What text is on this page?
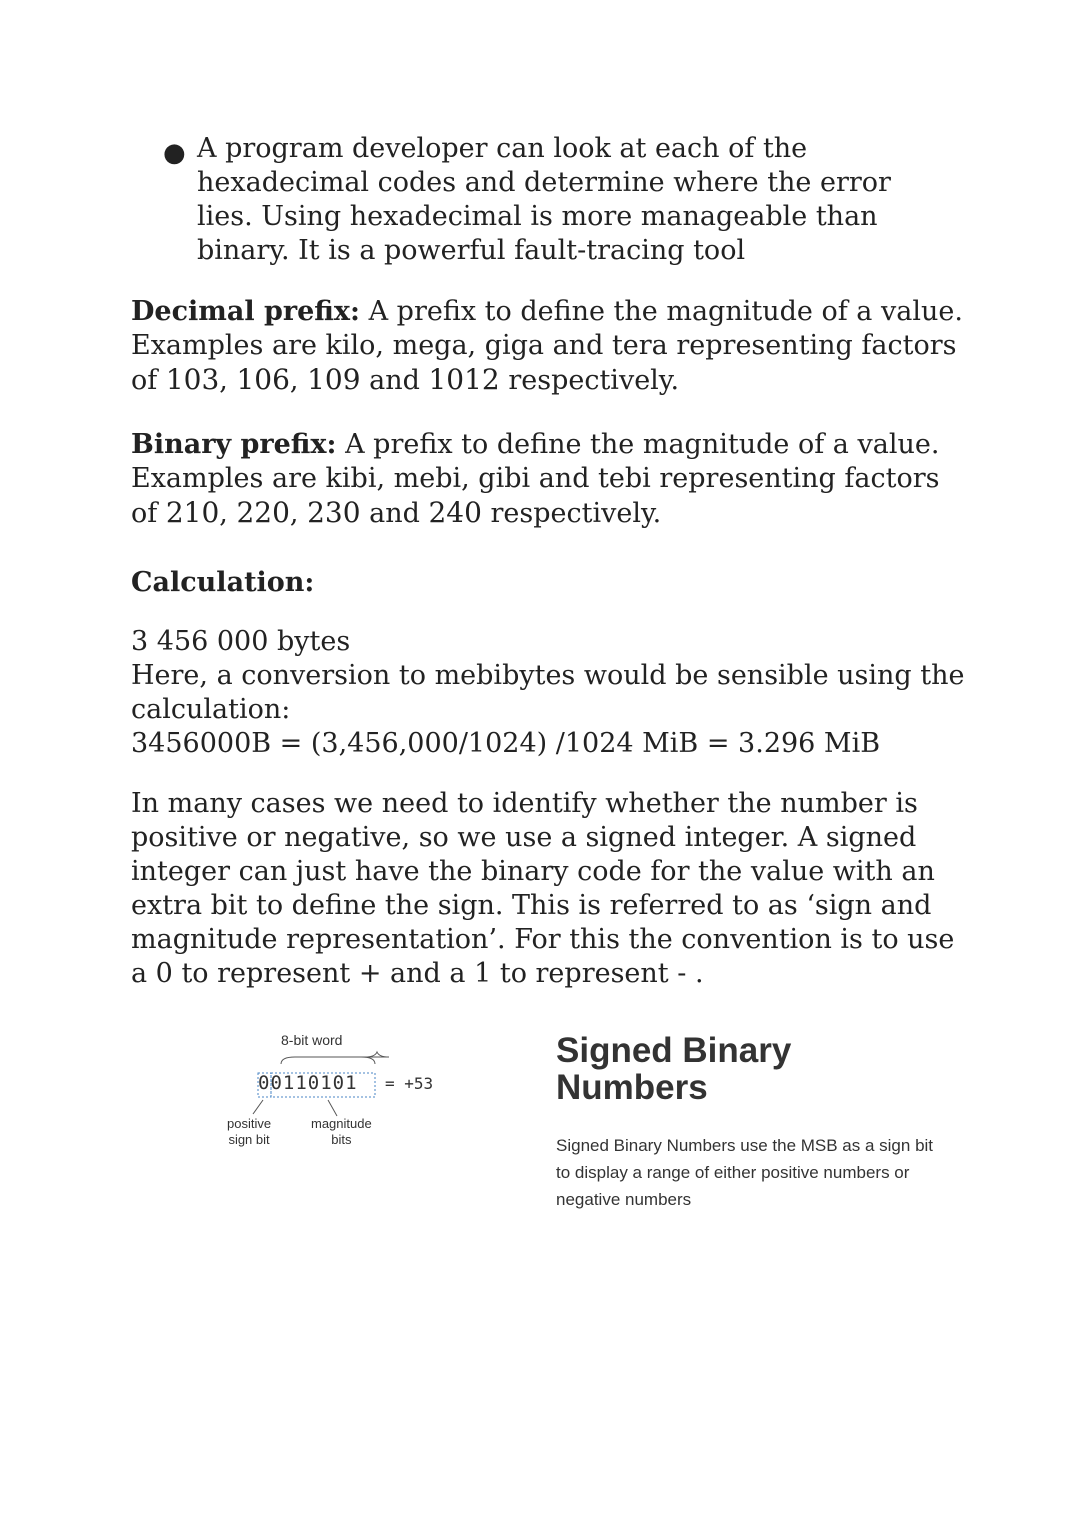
● A program developer can look at each of the hexadecimal codes and determine where the error lies. Using hexadecimal is more manageable than binary. It is a powerful fault-tracing tool

Decimal prefix: A prefix to define the magnitude of a value. Examples are kilo, mega, giga and tera representing factors of 103, 106, 109 and 1012 respectively.

Binary prefix: A prefix to define the magnitude of a value. Examples are kibi, mebi, gibi and tebi representing factors of 210, 220, 230 and 240 respectively.

Calculation:

3 456 000 bytes

Here, a conversion to mebibytes would be sensible using the calculation:

3456000B = (3,456,000/1024) /1024 MiB = 3.296 MiB

In many cases we need to identify whether the number is positive or negative, so we use a signed integer. A signed integer can just have the binary code for the value with an extra bit to define the sign. This is referred to as ‘sign and magnitude representation’. For this the convention is to use a 0 to represent + and a 1 to represent - .
8-bit word
00110101 = +53
positive
sign bit
magnitude
bits
Signed Binary
Numbers
Signed Binary Numbers use the MSB as a sign bit to display a range of either positive numbers or negative numbers
